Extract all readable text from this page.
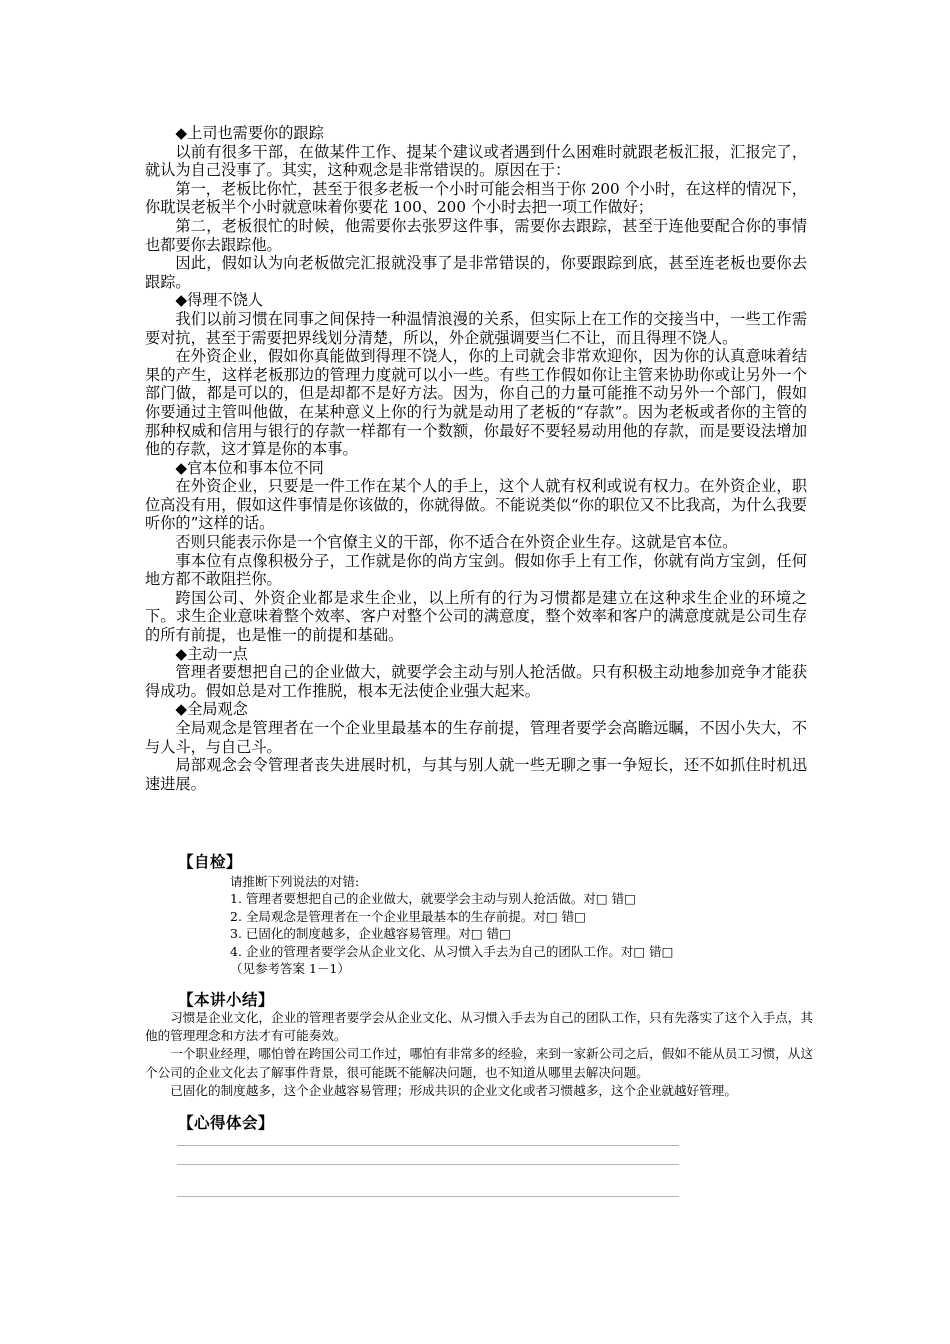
◆上司也需要你的跟踪

以前有很多干部，在做某件工作、提某个建议或者遇到什么困难时就跟老板汇报，汇报完了，就认为自己没事了。其实，这种观念是非常错误的。原因在于：

第一，老板比你忙，甚至于很多老板一个小时可能会相当于你 200 个小时，在这样的情况下，你耽误老板半个小时就意味着你要花 100、200 个小时去把一项工作做好；

第二，老板很忙的时候，他需要你去张罗这件事，需要你去跟踪，甚至于连他要配合你的事情也都要你去跟踪他。

因此，假如认为向老板做完汇报就没事了是非常错误的，你要跟踪到底，甚至连老板也要你去跟踪。

◆得理不饶人

我们以前习惯在同事之间保持一种温情浪漫的关系，但实际上在工作的交接当中，一些工作需要对抗，甚至于需要把界线划分清楚，所以，外企就强调要当仁不让，而且得理不饶人。

在外资企业，假如你真能做到得理不饶人，你的上司就会非常欢迎你，因为你的认真意味着结果的产生，这样老板那边的管理力度就可以小一些。有些工作假如你让主管来协助你或让另外一个部门做，都是可以的，但是却都不是好方法。因为，你自己的力量可能推不动另外一个部门，假如你要通过主管叫他做，在某种意义上你的行为就是动用了老板的“存款”。因为老板或者你的主管的那种权威和信用与银行的存款一样都有一个数额，你最好不要轻易动用他的存款，而是要设法增加他的存款，这才算是你的本事。

◆官本位和事本位不同

在外资企业，只要是一件工作在某个人的手上，这个人就有权利或说有权力。在外资企业，职位高没有用，假如这件事情是你该做的，你就得做。不能说类似“你的职位又不比我高，为什么我要听你的”这样的话。

否则只能表示你是一个官僚主义的干部，你不适合在外资企业生存。这就是官本位。

事本位有点像积极分子，工作就是你的尚方宝剑。假如你手上有工作，你就有尚方宝剑，任何地方都不敢阻拦你。

跨国公司、外资企业都是求生企业，以上所有的行为习惯都是建立在这种求生企业的环境之下。求生企业意味着整个效率、客户对整个公司的满意度，整个效率和客户的满意度就是公司生存的所有前提，也是惟一的前提和基础。

◆主动一点

管理者要想把自己的企业做大，就要学会主动与别人抢活做。只有积极主动地参加竞争才能获得成功。假如总是对工作推脱，根本无法使企业强大起来。

◆全局观念

全局观念是管理者在一个企业里最基本的生存前提，管理者要学会高瞻远瞩，不因小失大，不与人斗，与自己斗。

局部观念会令管理者丧失进展时机，与其与别人就一些无聊之事一争短长，还不如抓住时机迅速进展。

【自检】
请推断下列说法的对错:
1. 管理者要想把自己的企业做大，就要学会主动与别人抢活做。对□ 错□
2. 全局观念是管理者在一个企业里最基本的生存前提。对□ 错□
3. 已固化的制度越多，企业越容易管理。对□ 错□
4. 企业的管理者要学会从企业文化、从习惯入手去为自己的团队工作。对□ 错□
（见参考答案 1－1）
【本讲小结】

习惯是企业文化，企业的管理者要学会从企业文化、从习惯入手去为自己的团队工作，只有先落实了这个入手点，其他的管理理念和方法才有可能奏效。

一个职业经理，哪怕曾在跨国公司工作过，哪怕有非常多的经验，来到一家新公司之后，假如不能从员工习惯，从这个公司的企业文化去了解事件背景，很可能既不能解决问题，也不知道从哪里去解决问题。

已固化的制度越多，这个企业越容易管理；形成共识的企业文化或者习惯越多，这个企业就越好管理。

【心得体会】
